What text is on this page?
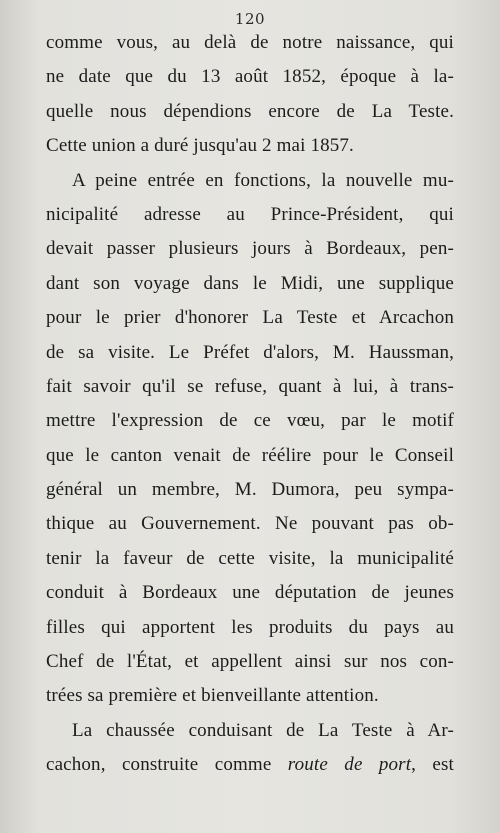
120
comme vous, au delà de notre naissance, qui
ne date que du 13 août 1852, époque à la-
quelle nous dépendions encore de La Teste.
Cette union a duré jusqu'au 2 mai 1857.
A peine entrée en fonctions, la nouvelle mu-
nicipalité adresse au Prince-Président, qui
devait passer plusieurs jours à Bordeaux, pen-
dant son voyage dans le Midi, une supplique
pour le prier d'honorer La Teste et Arcachon
de sa visite. Le Préfet d'alors, M. Haussman,
fait savoir qu'il se refuse, quant à lui, à trans-
mettre l'expression de ce vœu, par le motif
que le canton venait de réélire pour le Conseil
général un membre, M. Dumora, peu sympa-
thique au Gouvernement. Ne pouvant pas ob-
tenir la faveur de cette visite, la municipalité
conduit à Bordeaux une députation de jeunes
filles qui apportent les produits du pays au
Chef de l'État, et appellent ainsi sur nos con-
trées sa première et bienveillante attention.
La chaussée conduisant de La Teste à Ar-
cachon, construite comme route de port, est
